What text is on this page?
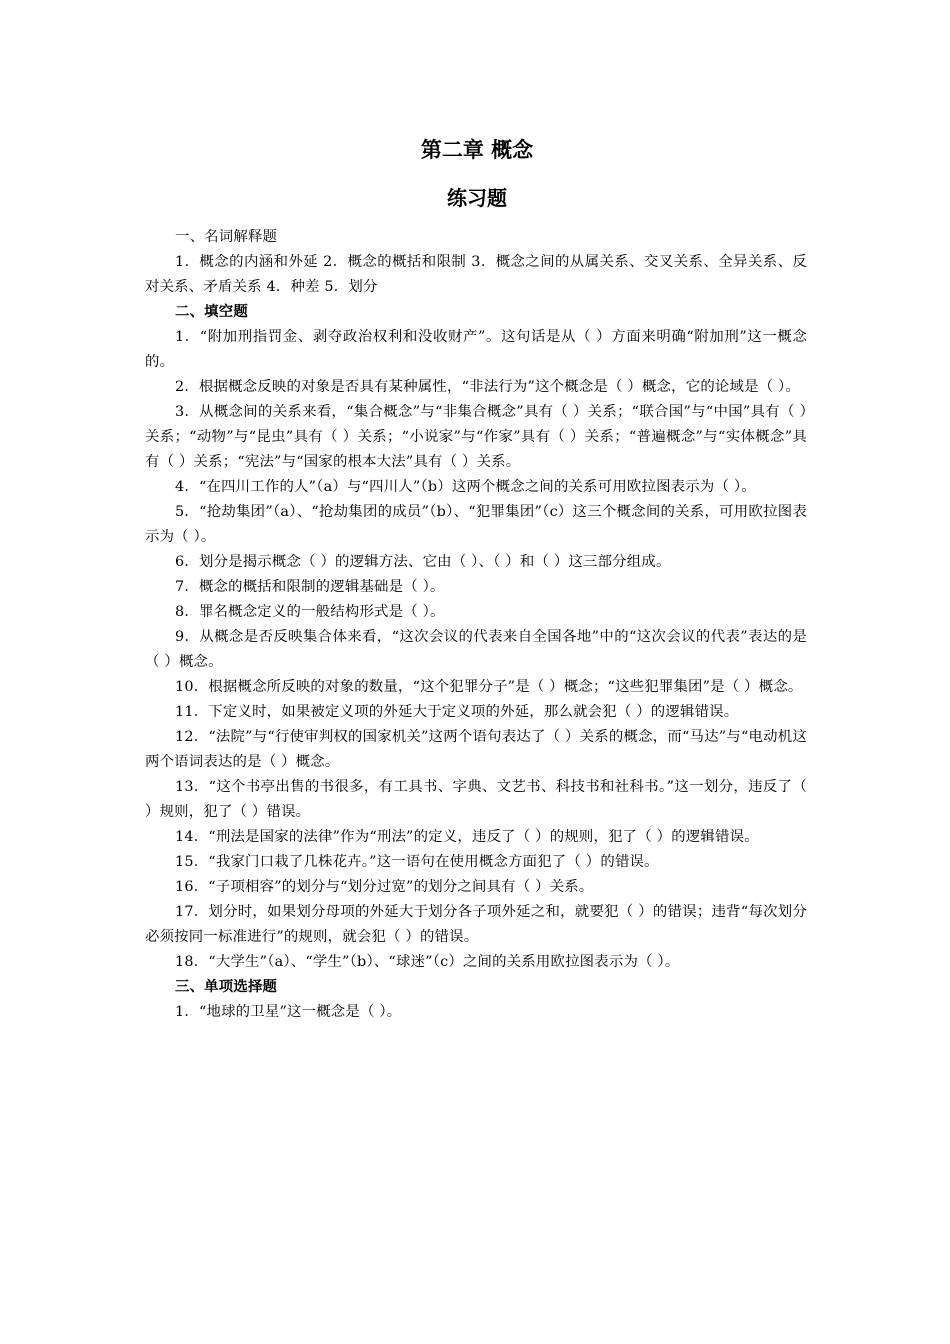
第二章 概念
练习题

一、名词解释题

1．概念的内涵和外延 2．概念的概括和限制 3．概念之间的从属关系、交叉关系、全异关系、反对关系、矛盾关系 4．种差 5．划分

二、填空题

1．“附加刑指罚金、剥夺政治权利和没收财产”。这句话是从（ ）方面来明确“附加刑”这一概念的。

2．根据概念反映的对象是否具有某种属性，“非法行为”这个概念是（ ）概念，它的论域是（ ）。

3．从概念间的关系来看，“集合概念”与“非集合概念”具有（ ）关系；“联合国”与“中国”具有（ ）关系；“动物”与“昆虫”具有（ ）关系；“小说家”与“作家”具有（ ）关系；“普遍概念”与“实体概念”具有（ ）关系；“宪法”与“国家的根本大法”具有（ ）关系。

4．“在四川工作的人”（a）与“四川人”（b）这两个概念之间的关系可用欧拉图表示为（ ）。

5．“抢劫集团”（a）、“抢劫集团的成员”（b）、“犯罪集团”（c）这三个概念间的关系，可用欧拉图表示为（ ）。

6．划分是揭示概念（ ）的逻辑方法、它由（ ）、（ ）和（ ）这三部分组成。

7．概念的概括和限制的逻辑基础是（ ）。

8．罪名概念定义的一般结构形式是（ ）。

9．从概念是否反映集合体来看，“这次会议的代表来自全国各地”中的“这次会议的代表”表达的是（ ）概念。

10．根据概念所反映的对象的数量，“这个犯罪分子”是（ ）概念；“这些犯罪集团”是（ ）概念。

11．下定义时，如果被定义项的外延大于定义项的外延，那么就会犯（ ）的逻辑错误。

12．“法院”与“行使审判权的国家机关”这两个语句表达了（ ）关系的概念，而“马达”与“电动机这两个语词表达的是（ ）概念。

13．“这个书亭出售的书很多，有工具书、字典、文艺书、科技书和社科书。”这一划分，违反了（ ）规则，犯了（ ）错误。

14．“刑法是国家的法律”作为“刑法”的定义，违反了（ ）的规则，犯了（ ）的逻辑错误。

15．“我家门口栽了几株花卉。”这一语句在使用概念方面犯了（ ）的错误。

16．“子项相容”的划分与“划分过宽”的划分之间具有（ ）关系。

17．划分时，如果划分母项的外延大于划分各子项外延之和，就要犯（ ）的错误；违背“每次划分必须按同一标准进行”的规则，就会犯（ ）的错误。

18．“大学生”（a）、“学生”（b）、“球迷”（c）之间的关系用欧拉图表示为（ ）。

三、单项选择题

1．“地球的卫星”这一概念是（ ）。
